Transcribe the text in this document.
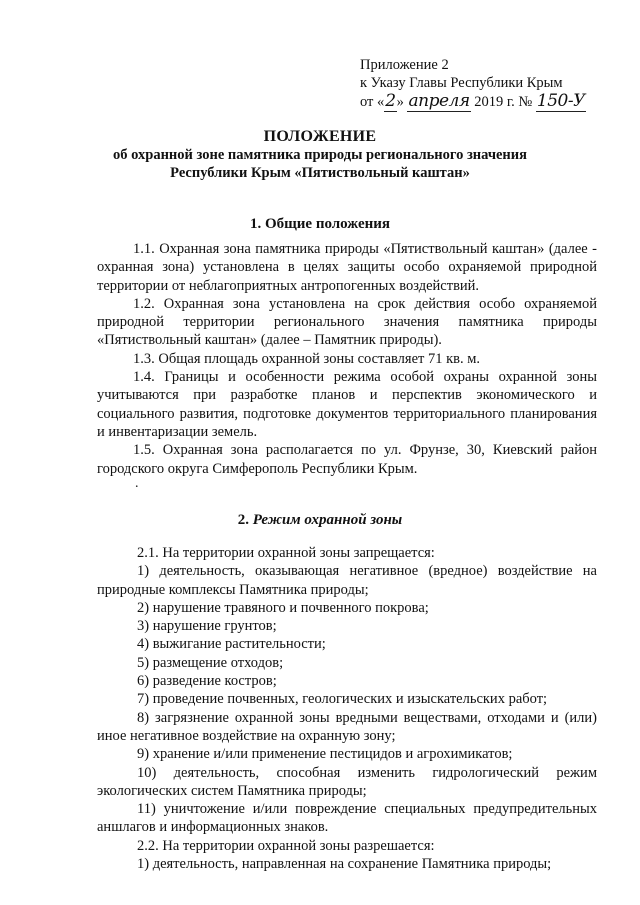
Приложение 2
к Указу Главы Республики Крым
от «2» апреля 2019 г. № 150-У
ПОЛОЖЕНИЕ
об охранной зоне памятника природы регионального значения
Республики Крым «Пятиствольный каштан»
1. Общие положения

1.1. Охранная зона памятника природы «Пятиствольный каштан» (далее - охранная зона) установлена в целях защиты особо охраняемой природной территории от неблагоприятных антропогенных воздействий.

1.2. Охранная зона установлена на срок действия особо охраняемой природной территории регионального значения памятника природы «Пятиствольный каштан» (далее – Памятник природы).

1.3. Общая площадь охранной зоны составляет 71 кв. м.

1.4. Границы и особенности режима особой охраны охранной зоны учитываются при разработке планов и перспектив экономического и социального развития, подготовке документов территориального планирования и инвентаризации земель.

1.5. Охранная зона располагается по ул. Фрунзе, 30, Киевский район городского округа Симферополь Республики Крым.

.
2. Режим охранной зоны

2.1. На территории охранной зоны запрещается:

1) деятельность, оказывающая негативное (вредное) воздействие на природные комплексы Памятника природы;

2) нарушение травяного и почвенного покрова;

3) нарушение грунтов;

4) выжигание растительности;

5) размещение отходов;

6) разведение костров;

7) проведение почвенных, геологических и изыскательских работ;

8) загрязнение охранной зоны вредными веществами, отходами и (или) иное негативное воздействие на охранную зону;

9) хранение и/или применение пестицидов и агрохимикатов;

10) деятельность, способная изменить гидрологический режим экологических систем Памятника природы;

11) уничтожение и/или повреждение специальных предупредительных аншлагов и информационных знаков.

2.2. На территории охранной зоны разрешается:

1) деятельность, направленная на сохранение Памятника природы;
